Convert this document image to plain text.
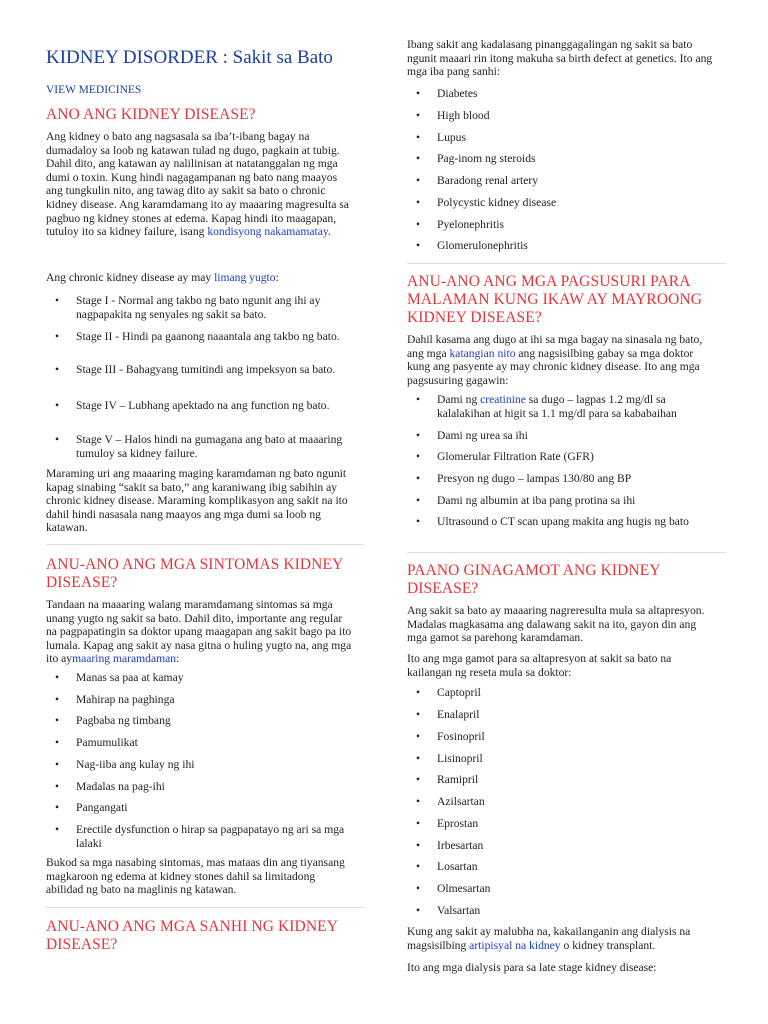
KIDNEY DISORDER : Sakit sa Bato
VIEW MEDICINES
ANO ANG KIDNEY DISEASE?

Ang kidney o bato ang nagsasala sa iba’t-ibang bagay na dumadaloy sa loob ng katawan tulad ng dugo, pagkain at tubig. Dahil dito, ang katawan ay nalilinisan at natatanggalan ng mga dumi o toxin. Kung hindi nagagampanan ng bato nang maayos ang tungkulin nito, ang tawag dito ay sakit sa bato o chronic kidney disease. Ang karamdamang ito ay maaaring magresulta sa pagbuo ng kidney stones at edema. Kapag hindi ito maagapan, tutuloy ito sa kidney failure, isang kondisyong nakamamatay.

Ang chronic kidney disease ay may limang yugto:

• Stage I - Normal ang takbo ng bato ngunit ang ihi ay nagpapakita ng senyales ng sakit sa bato.
• Stage II - Hindi pa gaanong naaantala ang takbo ng bato.
• Stage III - Bahagyang tumitindi ang impeksyon sa bato.
• Stage IV – Lubhang apektado na ang function ng bato.
• Stage V – Halos hindi na gumagana ang bato at maaaring tumuloy sa kidney failure.

Maraming uri ang maaaring maging karamdaman ng bato ngunit kapag sinabing “sakit sa bato,” ang karaniwang ibig sabihin ay chronic kidney disease. Maraming komplikasyon ang sakit na ito dahil hindi nasasala nang maayos ang mga dumi sa loob ng katawan.

ANU-ANO ANG MGA SINTOMAS KIDNEY DISEASE?

Tandaan na maaaring walang maramdamang sintomas sa mga unang yugto ng sakit sa bato. Dahil dito, importante ang regular na pagpapatingin sa doktor upang maagapan ang sakit bago pa ito lumala. Kapag ang sakit ay nasa gitna o huling yugto na, ang mga ito aymaaring maramdaman:

• Manas sa paa at kamay
• Mahirap na paghinga
• Pagbaba ng timbang
• Pamumulikat
• Nag-iiba ang kulay ng ihi
• Madalas na pag-ihi
• Pangangati
• Erectile dysfunction o hirap sa pagpapatayo ng ari sa mga lalaki

Bukod sa mga nasabing sintomas, mas mataas din ang tiyansang magkaroon ng edema at kidney stones dahil sa limitadong abilidad ng bato na maglinis ng katawan.

ANU-ANO ANG MGA SANHI NG KIDNEY DISEASE?

Ibang sakit ang kadalasang pinanggagalingan ng sakit sa bato ngunit maaari rin itong makuha sa birth defect at genetics. Ito ang mga iba pang sanhi:

• Diabetes
• High blood
• Lupus
• Pag-inom ng steroids
• Baradong renal artery
• Polycystic kidney disease
• Pyelonephritis
• Glomerulonephritis
ANU-ANO ANG MGA PAGSUSURI PARA MALAMAN KUNG IKAW AY MAYROONG KIDNEY DISEASE?

Dahil kasama ang dugo at ihi sa mga bagay na sinasala ng bato, ang mga katangian nito ang nagsisilbing gabay sa mga doktor kung ang pasyente ay may chronic kidney disease. Ito ang mga pagsusuring gagawin:

• Dami ng creatinine sa dugo – lagpas 1.2 mg/dl sa kalalakihan at higit sa 1.1 mg/dl para sa kababaihan
• Dami ng urea sa ihi
• Glomerular Filtration Rate (GFR)
• Presyon ng dugo – lampas 130/80 ang BP
• Dami ng albumin at iba pang protina sa ihi
• Ultrasound o CT scan upang makita ang hugis ng bato
PAANO GINAGAMOT ANG KIDNEY DISEASE?

Ang sakit sa bato ay maaaring nagreresulta mula sa altapresyon. Madalas magkasama ang dalawang sakit na ito, gayon din ang mga gamot sa parehong karamdaman.

Ito ang mga gamot para sa altapresyon at sakit sa bato na kailangan ng reseta mula sa doktor:

• Captopril
• Enalapril
• Fosinopril
• Lisinopril
• Ramipril
• Azilsartan
• Eprostan
• Irbesartan
• Losartan
• Olmesartan
• Valsartan

Kung ang sakit ay malubha na, kakailanganin ang dialysis na magsisilbing artipisyal na kidney o kidney transplant.

Ito ang mga dialysis para sa late stage kidney disease:
